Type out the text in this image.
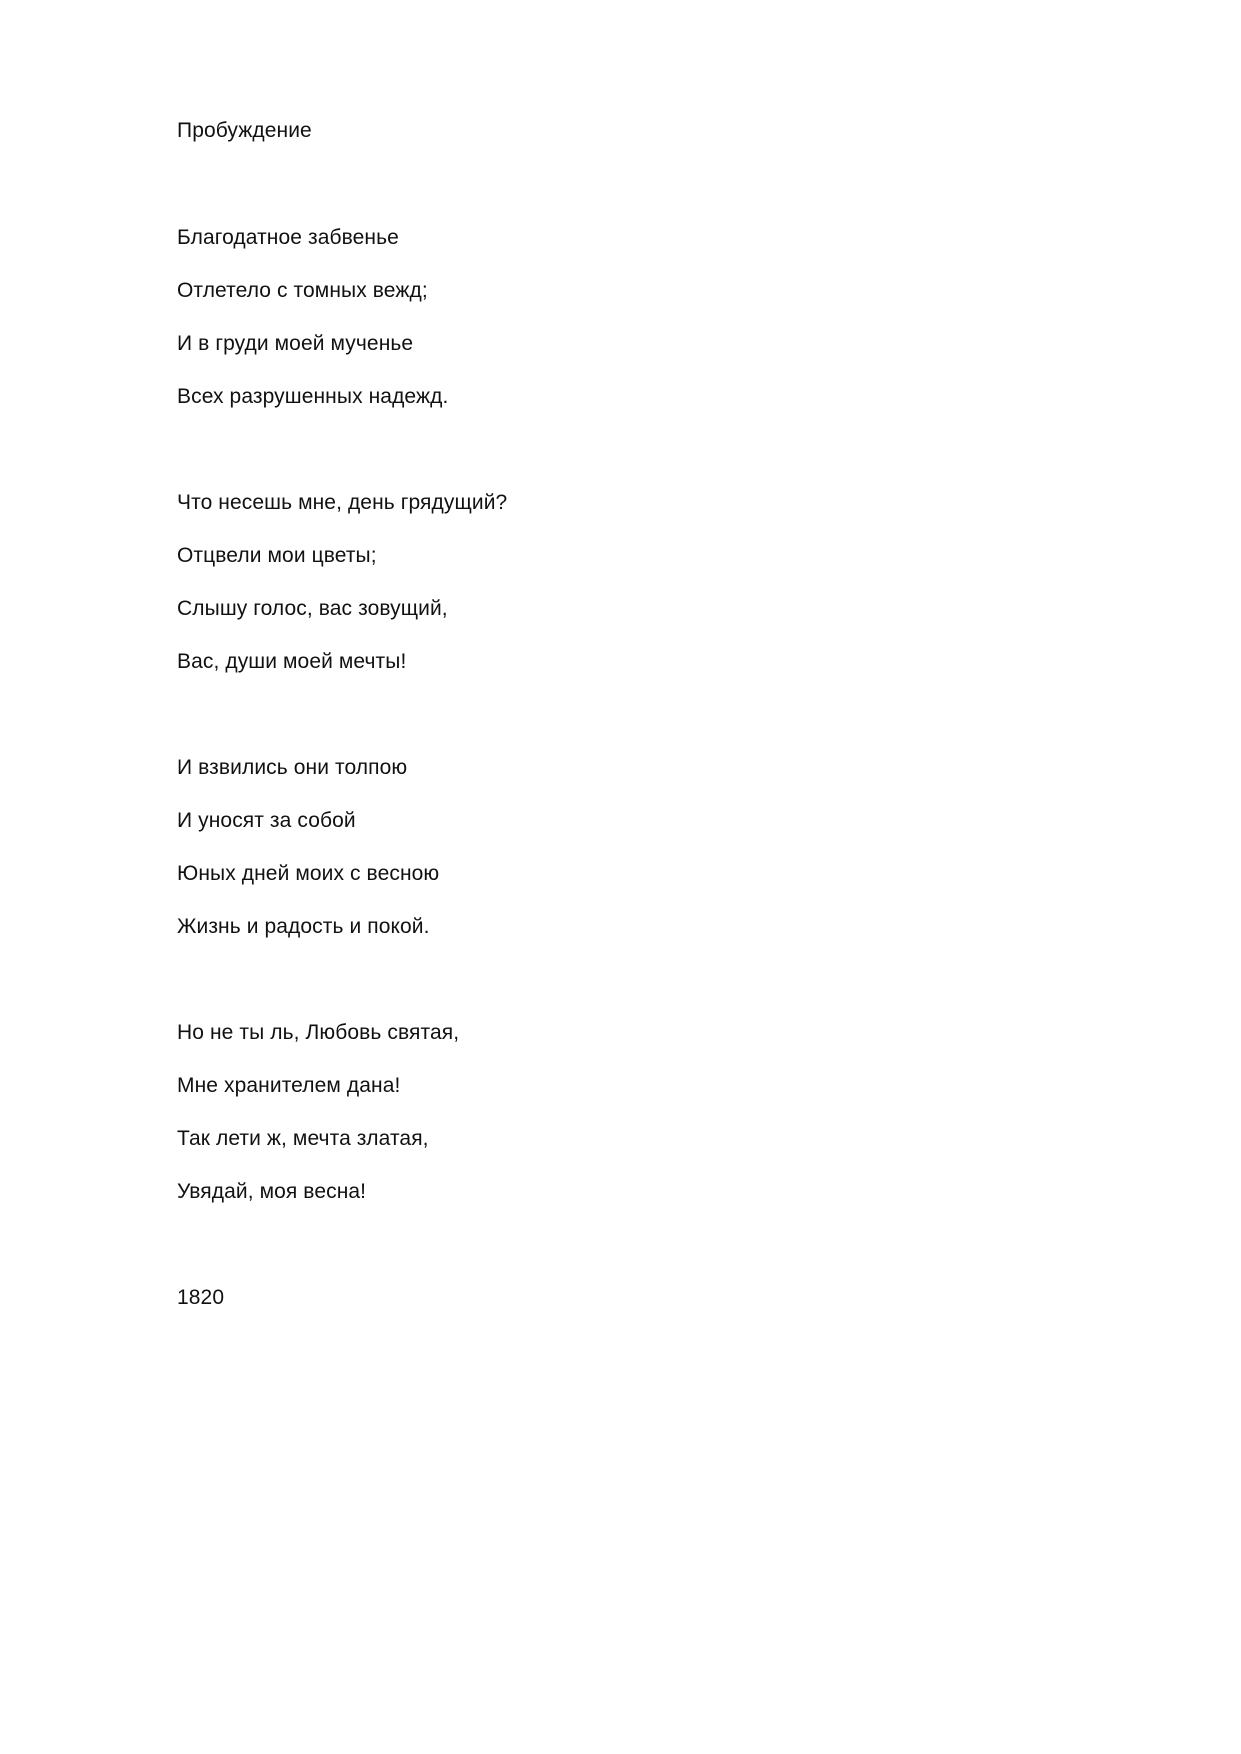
Пробуждение
Благодатное забвенье
Отлетело с томных вежд;
И в груди моей мученье
Всех разрушенных надежд.
Что несешь мне, день грядущий?
Отцвели мои цветы;
Слышу голос, вас зовущий,
Вас, души моей мечты!
И взвились они толпою
И уносят за собой
Юных дней моих с весною
Жизнь и радость и покой.
Но не ты ль, Любовь святая,
Мне хранителем дана!
Так лети ж, мечта златая,
Увядай, моя весна!
1820
